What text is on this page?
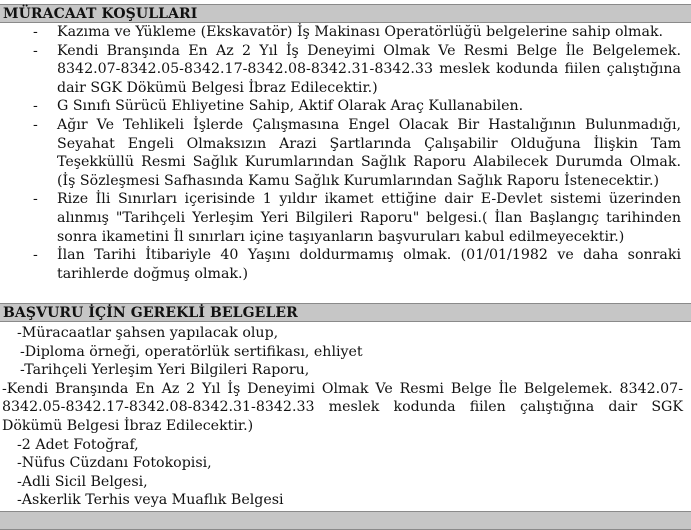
MÜRACAAT KOŞULLARI
- Kazıma ve Yükleme (Ekskavatör) İş Makinası Operatörlüğü belgelerine sahip olmak.
- Kendi Branşında En Az 2 Yıl İş Deneyimi Olmak Ve Resmi Belge İle Belgelemek. 8342.07-8342.05-8342.17-8342.08-8342.31-8342.33 meslek kodunda fiilen çalıştığına dair SGK Dökümü Belgesi İbraz Edilecektir.)
- G Sınıfı Sürücü Ehliyetine Sahip, Aktif Olarak Araç Kullanabilen.
- Ağır Ve Tehlikeli İşlerde Çalışmasına Engel Olacak Bir Hastalığının Bulunmadığı, Seyahat Engeli Olmaksızın Arazi Şartlarında Çalışabilir Olduğuna İlişkin Tam Teşekküllü Resmi Sağlık Kurumlarından Sağlık Raporu Alabilecek Durumda Olmak. (İş Sözleşmesi Safhasında Kamu Sağlık Kurumlarından Sağlık Raporu İstenecektir.)
- Rize İli Sınırları içerisinde 1 yıldır ikamet ettiğine dair E-Devlet sistemi üzerinden alınmış "Tarihçeli Yerleşim Yeri Bilgileri Raporu" belgesi.( İlan Başlangıç tarihinden sonra ikametini İl sınırları içine taşıyanların başvuruları kabul edilmeyecektir.)
- İlan Tarihi İtibariyle 40 Yaşını doldurmamış olmak. (01/01/1982 ve daha sonraki tarihlerde doğmuş olmak.)
BAŞVURU İÇİN GEREKLİ BELGELER
-Müracaatlar şahsen yapılacak olup,
-Diploma örneği, operatörlük sertifikası, ehliyet
-Tarihçeli Yerleşim Yeri Bilgileri Raporu,
-Kendi Branşında En Az 2 Yıl İş Deneyimi Olmak Ve Resmi Belge İle Belgelemek. 8342.07-8342.05-8342.17-8342.08-8342.31-8342.33 meslek kodunda fiilen çalıştığına dair SGK Dökümü Belgesi İbraz Edilecektir.)
-2 Adet Fotoğraf,
-Nüfus Cüzdanı Fotokopisi,
-Adli Sicil Belgesi,
-Askerlik Terhis veya Muaflık Belgesi
